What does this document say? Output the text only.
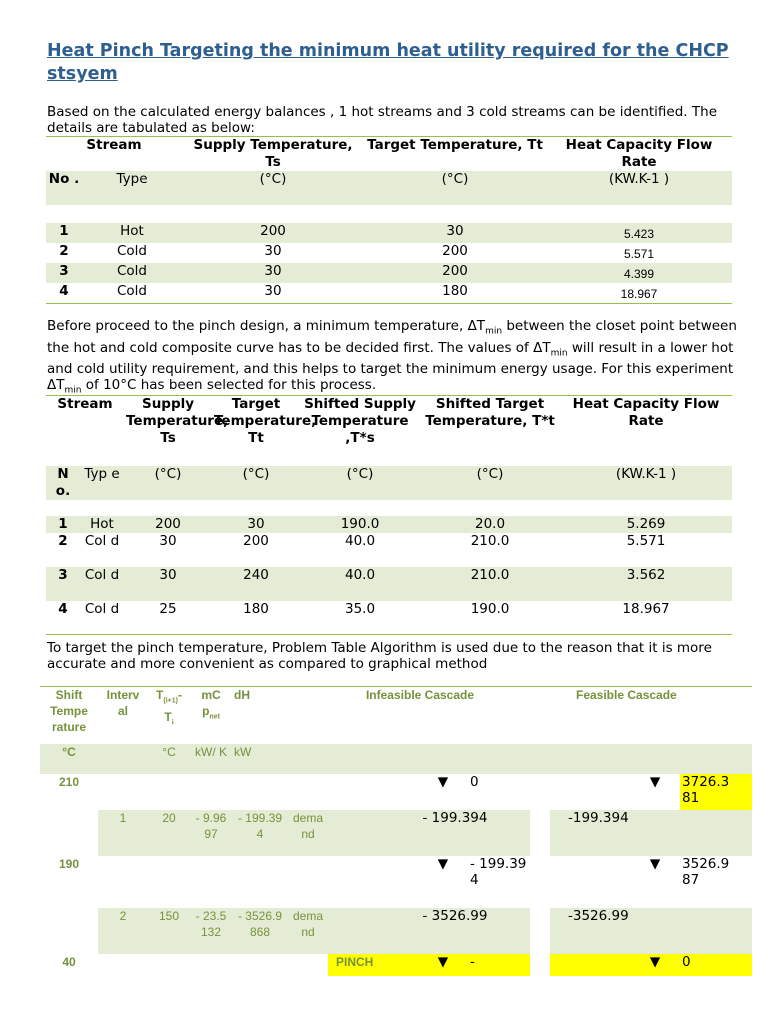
Heat Pinch Targeting the minimum heat utility required for the CHCP stsyem
Based on the calculated energy balances , 1 hot streams and 3 cold streams can be identified. The details are tabulated as below:
Stream		Supply Temperature, Ts	Target Temperature, Tt	Heat Capacity Flow Rate
No .	Type	(°C)	(°C)	(KW.K-1 )

1	Hot	200	30	5.423
2	Cold	30	200	5.571
3	Cold	30	200	4.399
4	Cold	30	180	18.967
Before proceed to the pinch design, a minimum temperature, $\Delta T_{min}$ between the closet point between the hot and cold composite curve has to be decided first. The values of $\Delta T_{min}$ will result in a lower hot and cold utility requirement, and this helps to target the minimum energy usage. For this experiment $\Delta T_{min}$ of 10°C has been selected for this process.
Stream		Supply Temperature, Ts	Target Temperature, Tt	Shifted Supply Temperature ,T*s	Shifted Target Temperature, T*t	Heat Capacity Flow Rate
N o.	Typ e	(°C)	(°C)	(°C)	(°C)	(KW.K-1 )

1	Hot	200	30	190.0	20.0	5.269
2	Col d	30	200	40.0	210.0	5.571
3	Col d	30	240	40.0	210.0	3.562
4	Col d	25	180	35.0	190.0	18.967
To target the pinch temperature, Problem Table Algorithm is used due to the reason that it is more accurate and more convenient as compared to graphical method
Shift Tempe rature	Interv al	$T_{(i+1)}-$ $T_i$	mC $p_{net}$	dH		Infeasible Cascade				Feasible Cascade		
°C		°C	kW/ K	kW								
210							▼	0			▼	3726.3 81
	1	20	- 9.96 97	- 199.39 4	dema nd		- 199.394			-199.394		
190							▼	- 199.39 4			▼	3526.9 87
	2	150	- 23.5 132	- 3526.9 868	dema nd		- 3526.99			-3526.99		
40						PINCH	▼	-			▼	0
